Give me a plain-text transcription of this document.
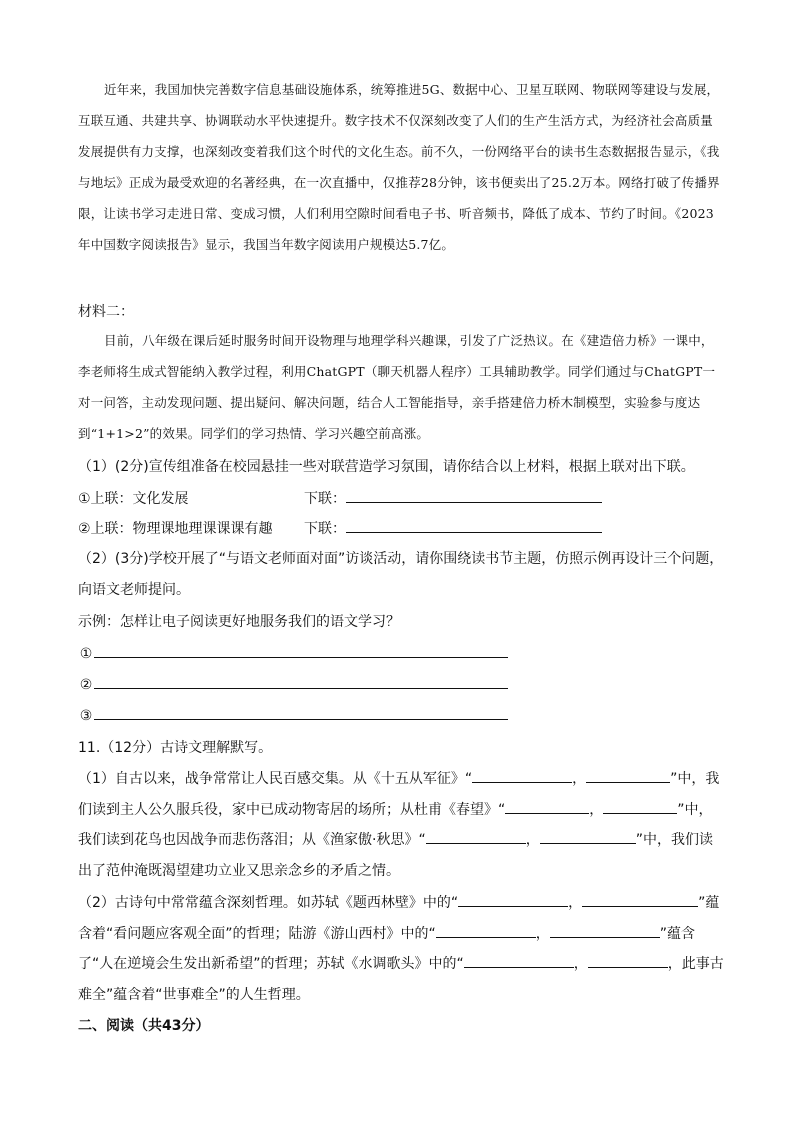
近年来，我国加快完善数字信息基础设施体系，统筹推进5G、数据中心、卫星互联网、物联网等建设与发展，互联互通、共建共享、协调联动水平快速提升。数字技术不仅深刻改变了人们的生产生活方式，为经济社会高质量发展提供有力支撑，也深刻改变着我们这个时代的文化生态。前不久，一份网络平台的读书生态数据报告显示，《我与地坛》正成为最受欢迎的名著经典，在一次直播中，仅推荐28分钟，该书便卖出了25.2万本。网络打破了传播界限，让读书学习走进日常、变成习惯，人们利用空隙时间看电子书、听音频书，降低了成本、节约了时间。《2023年中国数字阅读报告》显示，我国当年数字阅读用户规模达5.7亿。

材料二：

目前，八年级在课后延时服务时间开设物理与地理学科兴趣课，引发了广泛热议。在《建造倍力桥》一课中，李老师将生成式智能纳入教学过程，利用ChatGPT（聊天机器人程序）工具辅助教学。同学们通过与ChatGPT一对一问答，主动发现问题、提出疑问、解决问题，结合人工智能指导，亲手搭建倍力桥木制模型，实验参与度达到“1+1>2”的效果。同学们的学习热情、学习兴趣空前高涨。

（1）(2分)宣传组准备在校园悬挂一些对联营造学习氛围，请你结合以上材料，根据上联对出下联。
①上联：文化发展	下联：
②上联：物理课地理课课课有趣 下联：

（2）(3分)学校开展了“与语文老师面对面”访谈活动，请你围绕读书节主题，仿照示例再设计三个问题，向语文老师提问。

示例：怎样让电子阅读更好地服务我们的语文学习？
①
②
③
11.（12分）古诗文理解默写。

（1）自古以来，战争常常让人民百感交集。从《十五从军征》“	，	”中，我们读到主人公久服兵役，家中已成动物寄居的场所；从杜甫《春望》“	，	”中，我们读到花鸟也因战争而悲伤落泪；从《渔家傲·秋思》“	，	”中，我们读出了范仲淹既渴望建功立业又思亲念乡的矛盾之情。

（2）古诗句中常常蕴含深刻哲理。如苏轼《题西林壁》中的“	，	”蕴含着“看问题应客观全面”的哲理；陆游《游山西村》中的“	，	”蕴含了“人在逆境会生发出新希望”的哲理；苏轼《水调歌头》中的“	，	，此事古难全”蕴含着“世事难全”的人生哲理。

二、阅读（共43分）
